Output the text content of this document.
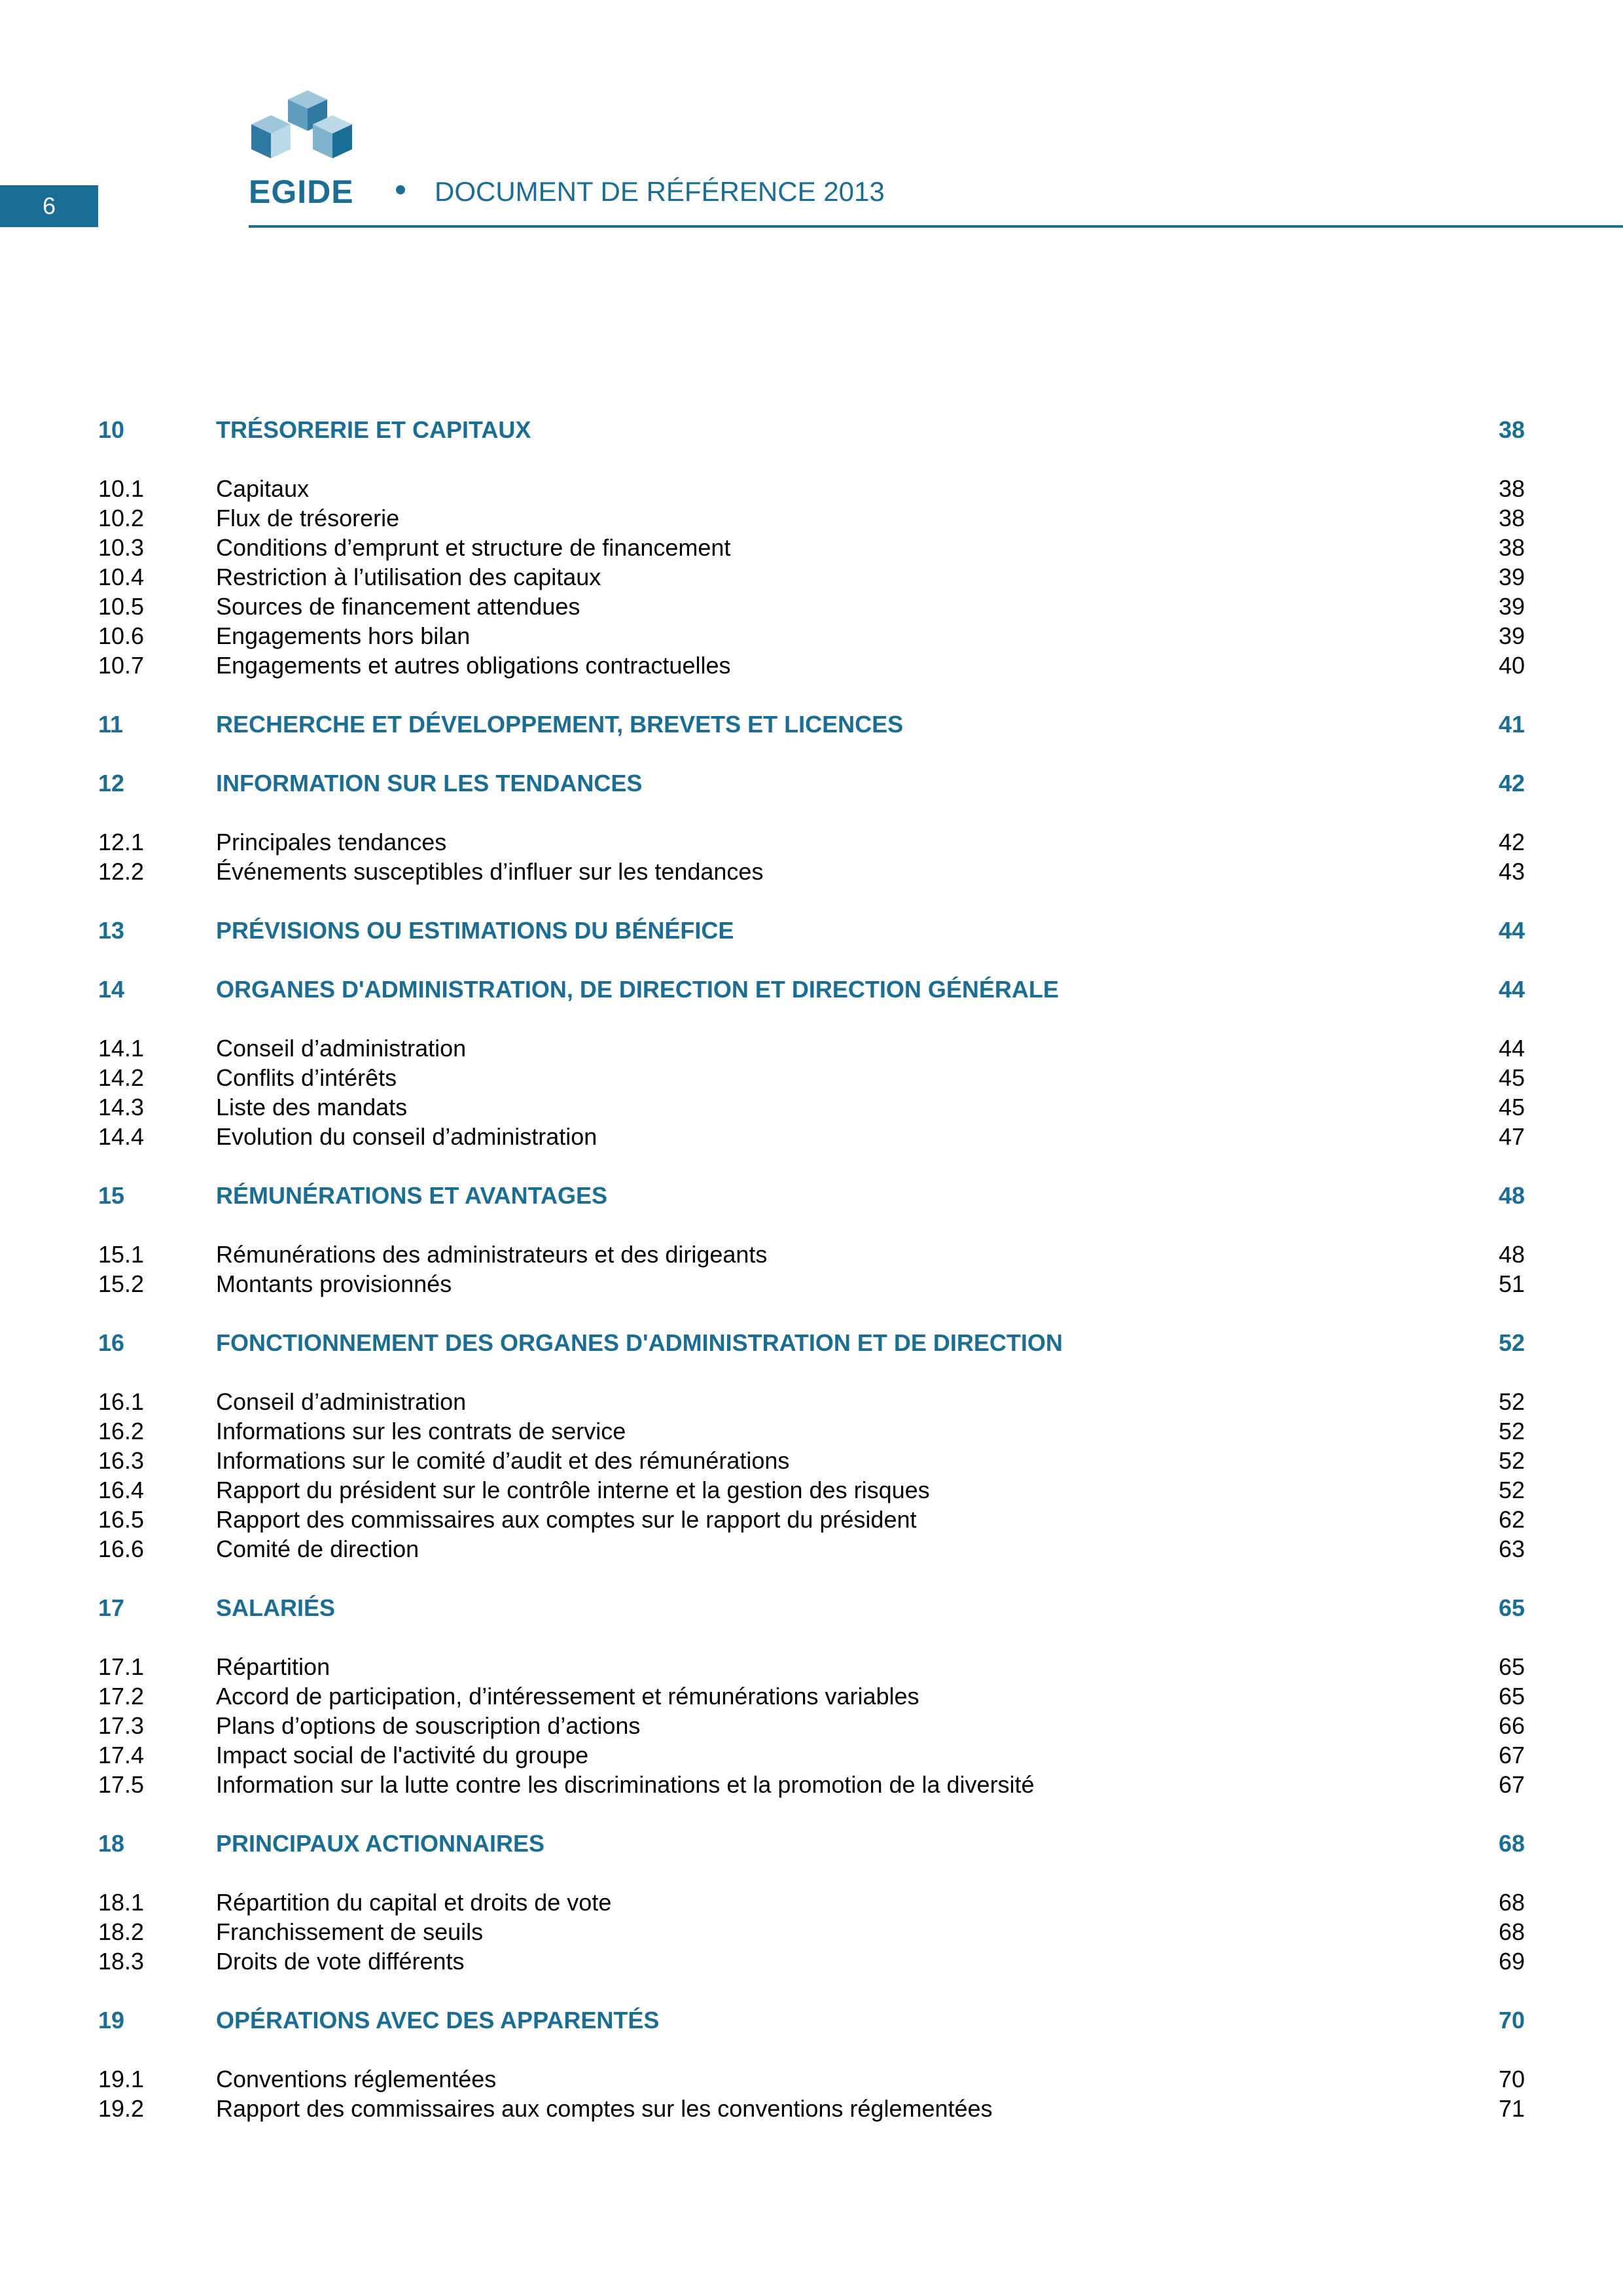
6	EGIDE	DOCUMENT DE RÉFÉRENCE 2013
10	TRÉSORERIE ET CAPITAUX	38
10.1	Capitaux	38
10.2	Flux de trésorerie	38
10.3	Conditions d’emprunt et structure de financement	38
10.4	Restriction à l’utilisation des capitaux	39
10.5	Sources de financement attendues	39
10.6	Engagements hors bilan	39
10.7	Engagements et autres obligations contractuelles	40
11	RECHERCHE ET DÉVELOPPEMENT, BREVETS ET LICENCES	41
12	INFORMATION SUR LES TENDANCES	42
12.1	Principales tendances	42
12.2	Événements susceptibles d’influer sur les tendances	43
13	PRÉVISIONS OU ESTIMATIONS DU BÉNÉFICE	44
14	ORGANES D'ADMINISTRATION, DE DIRECTION ET DIRECTION GÉNÉRALE	44
14.1	Conseil d’administration	44
14.2	Conflits d’intérêts	45
14.3	Liste des mandats	45
14.4	Evolution du conseil d’administration	47
15	RÉMUNÉRATIONS ET AVANTAGES	48
15.1	Rémunérations des administrateurs et des dirigeants	48
15.2	Montants provisionnés	51
16	FONCTIONNEMENT DES ORGANES D'ADMINISTRATION ET DE DIRECTION	52
16.1	Conseil d’administration	52
16.2	Informations sur les contrats de service	52
16.3	Informations sur le comité d’audit et des rémunérations	52
16.4	Rapport du président sur le contrôle interne et la gestion des risques	52
16.5	Rapport des commissaires aux comptes sur le rapport du président	62
16.6	Comité de direction	63
17	SALARIÉS	65
17.1	Répartition	65
17.2	Accord de participation, d’intéressement et rémunérations variables	65
17.3	Plans d’options de souscription d’actions	66
17.4	Impact social de l'activité du groupe	67
17.5	Information sur la lutte contre les discriminations et la promotion de la diversité	67
18	PRINCIPAUX ACTIONNAIRES	68
18.1	Répartition du capital et droits de vote	68
18.2	Franchissement de seuils	68
18.3	Droits de vote différents	69
19	OPÉRATIONS AVEC DES APPARENTÉS	70
19.1	Conventions réglementées	70
19.2	Rapport des commissaires aux comptes sur les conventions réglementées	71
